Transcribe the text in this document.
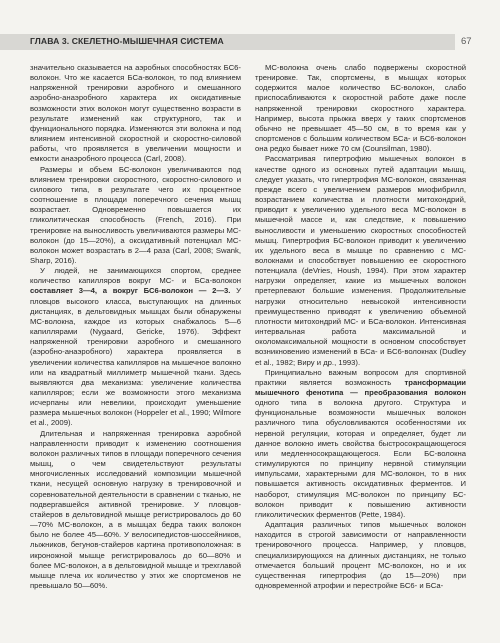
ГЛАВА 3. СКЕЛЕТНО-МЫШЕЧНАЯ СИСТЕМА	67

значительно сказывается на аэробных способностях БС6-волокон. Что же касается БСа-волокон, то под влиянием напряженной тренировки аэробного и смешанного аэробно-анаэробного характера их оксидативные возможности этих волокон могут существенно возрасти в результате изменений как структурного, так и функционального порядка. Изменяются эти волокна и под влиянием интенсивной скоростной и скоростно-силовой работы, что проявляется в увеличении мощности и емкости анаэробного процесса (Carl, 2008).

Размеры и объем БС-волокон увеличиваются под влиянием тренировки скоростного, скоростно-силового и силового типа, в результате чего их процентное соотношение в площади поперечного сечения мышц возрастает. Одновременно повышается их гликолитическая способность (French, 2016). При тренировке на выносливость увеличиваются размеры МС-волокон (до 15—20%), а оксидативный потенциал МС-волокон может возрастать в 2—4 раза (Carl, 2008; Swank, Sharp, 2016).

У людей, не занимающихся спортом, среднее количество капилляров вокруг МС- и БСа-волокон составляет 3—4, а вокруг БС6-волокон — 2—3. У пловцов высокого класса, выступающих на длинных дистанциях, в дельтовидных мышцах были обнаружены МС-волокна, каждое из которых снабжалось 5—6 капиллярами (Nygaard, Gericke, 1976). Эффект напряженной тренировки аэробного и смешанного (аэробно-анаэробного) характера проявляется в увеличении количества капилляров на мышечное волокно или на квадратный миллиметр мышечной ткани. Здесь выявляются два механизма: увеличение количества капилляров; если же возможности этого механизма исчерпаны или невелики, происходит уменьшение размера мышечных волокон (Hoppeler et al., 1990; Wilmore et al., 2009).

Длительная и напряженная тренировка аэробной направленности приводит к изменению соотношения волокон различных типов в площади поперечного сечения мышц, о чем свидетельствуют результаты многочисленных исследований композиции мышечной ткани, несущей основную нагрузку в тренировочной и соревновательной деятельности в сравнении с тканью, не подвергавшейся активной тренировке. У пловцов-стайеров в дельтовидной мышце регистрировалось до 60—70% МС-волокон, а в мышцах бедра таких волокон было не более 45—60%. У велосипедистов-шоссейников, лыжников, бегунов-стайеров картина противоположная: в икроножной мышце регистрировалось до 60—80% и более МС-волокон, а в дельтовидной мышце и трехглавой мышце плеча их количество у этих же спортсменов не превышало 50—60%.

МС-волокна очень слабо подвержены скоростной тренировке. Так, спортсмены, в мышцах которых содержится малое количество БС-волокон, слабо приспосабливаются к скоростной работе даже после напряженной тренировки скоростного характера. Например, высота прыжка вверх у таких спортсменов обычно не превышает 45—50 см, в то время как у спортсменов с большим количеством БСа- и БС6-волокон она редко бывает ниже 70 см (Counsilman, 1980).

Рассматривая гипертрофию мышечных волокон в качестве одного из основных путей адаптации мышц, следует указать, что гипертрофия МС-волокон, связанная прежде всего с увеличением размеров миофибрилл, возрастанием количества и плотности митохондрий, приводит к увеличению удельного веса МС-волокон в мышечной массе и, как следствие, к повышению выносливости и уменьшению скоростных способностей мышц. Гипертрофия БС-волокон приводит к увеличению их удельного веса в мышце по сравнению с МС-волокнами и способствует повышению ее скоростного потенциала (deVries, Housh, 1994). При этом характер нагрузки определяет, какие из мышечных волокон претерпевают большие изменения. Продолжительные нагрузки относительно невысокой интенсивности преимущественно приводят к увеличению объемной плотности митохондрий МС- и БСа-волокон. Интенсивная интервальная работа максимальной и околомаксимальной мощности в основном способствует возникновению изменений в БСа- и БС6-волокнах (Dudley et al., 1982; Виру и др., 1993).

Принципиально важным вопросом для спортивной практики является возможность трансформации мышечного фенотипа — преобразования волокон одного типа в волокна другого. Структура и функциональные возможности мышечных волокон различного типа обусловливаются особенностями их нервной регуляции, которая и определяет, будет ли данное волокно иметь свойства быстросокращающегося или медленносокращающегося. Если БС-волокна стимулируются по принципу нервной стимуляции импульсами, характерными для МС-волокон, то в них повышается активность оксидативных ферментов. И наоборот, стимуляция МС-волокон по принципу БС-волокон приводит к повышению активности гликолитических ферментов (Pette, 1984).

Адаптация различных типов мышечных волокон находится в строгой зависимости от направленности тренировочного процесса. Например, у пловцов, специализирующихся на длинных дистанциях, не только отмечается больший процент МС-волокон, но и их существенная гипертрофия (до 15—20%) при одновременной атрофии и перестройке БС6- и БСа-
